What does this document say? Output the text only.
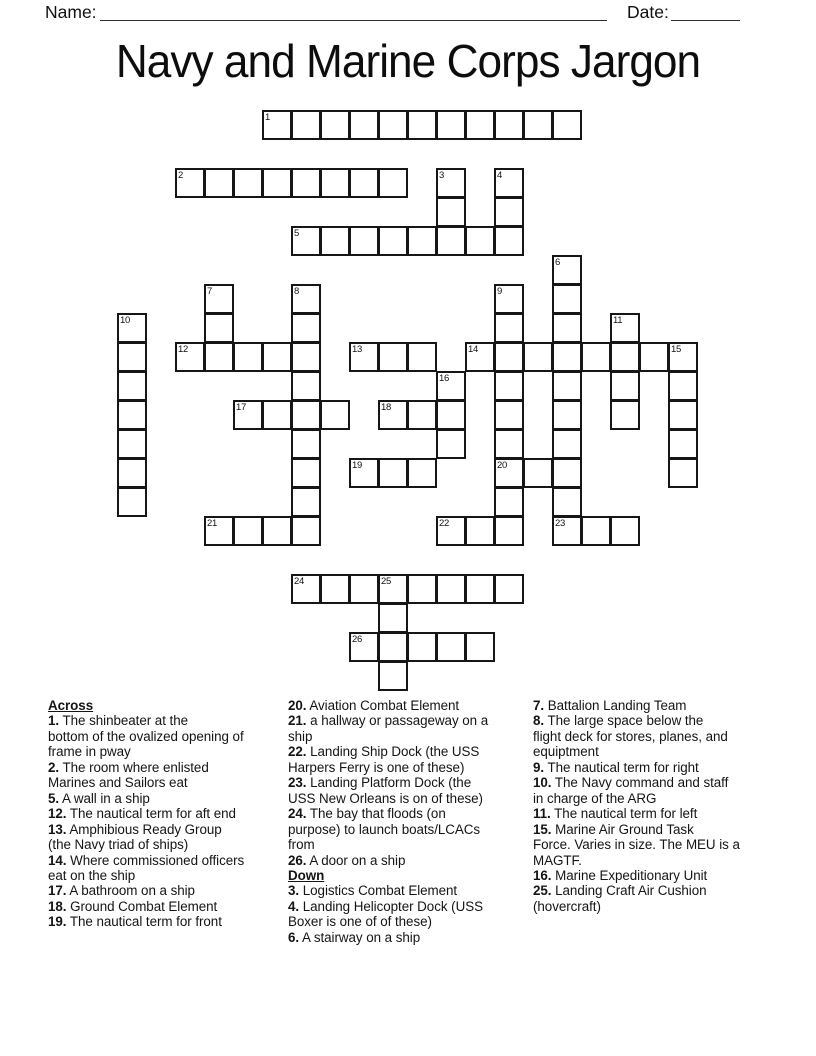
Name:	Date:
Navy and Marine Corps Jargon
1
2	3	4
5
6
23
7	8	9
20
10	11
12	13	14	15
16
17	18
19
21	22
24	25
26
Across
1. The shinbeater at the
bottom of the ovalized opening of
frame in pway
2. The room where enlisted
Marines and Sailors eat
5. A wall in a ship
12. The nautical term for aft end
13. Amphibious Ready Group
(the Navy triad of ships)
14. Where commissioned officers
eat on the ship
17. A bathroom on a ship
18. Ground Combat Element
19. The nautical term for front
20. Aviation Combat Element
21. a hallway or passageway on a
ship
22. Landing Ship Dock (the USS
Harpers Ferry is one of these)
23. Landing Platform Dock (the
USS New Orleans is on of these)
24. The bay that floods (on
purpose) to launch boats/LCACs
from
26. A door on a ship
Down
3. Logistics Combat Element
4. Landing Helicopter Dock (USS
Boxer is one of of these)
6. A stairway on a ship
7. Battalion Landing Team
8. The large space below the
flight deck for stores, planes, and
equiptment
9. The nautical term for right
10. The Navy command and staff
in charge of the ARG
11. The nautical term for left
15. Marine Air Ground Task
Force. Varies in size. The MEU is a
MAGTF.
16. Marine Expeditionary Unit
25. Landing Craft Air Cushion
(hovercraft)
